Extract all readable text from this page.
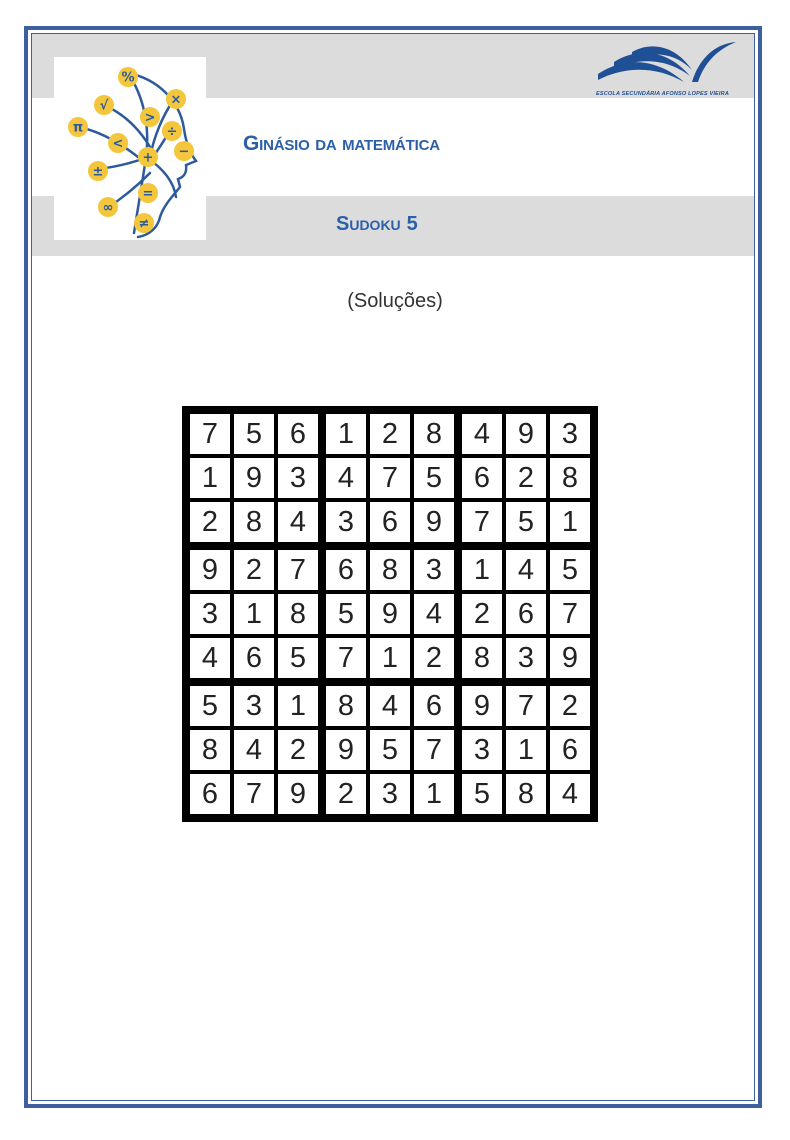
%
×
√
>
÷
π
<
+ −
±
=
∞
≠
ESCOLA SECUNDÁRIA AFONSO LOPES VIEIRA
Ginásio da matemática
Sudoku 5
(Soluções)
7 5 6	1 2 8	4 9 3
1 9 3	4 7 5	6 2 8
2 8 4	3 6 9	7 5 1
9 2 7	6 8 3	1 4 5
3 1 8	5 9 4	2 6 7
4 6 5	7 1 2	8 3 9
5 3 1	8 4 6	9 7 2
8 4 2	9 5 7	3 1 6
6 7 9	2 3 1	5 8 4
